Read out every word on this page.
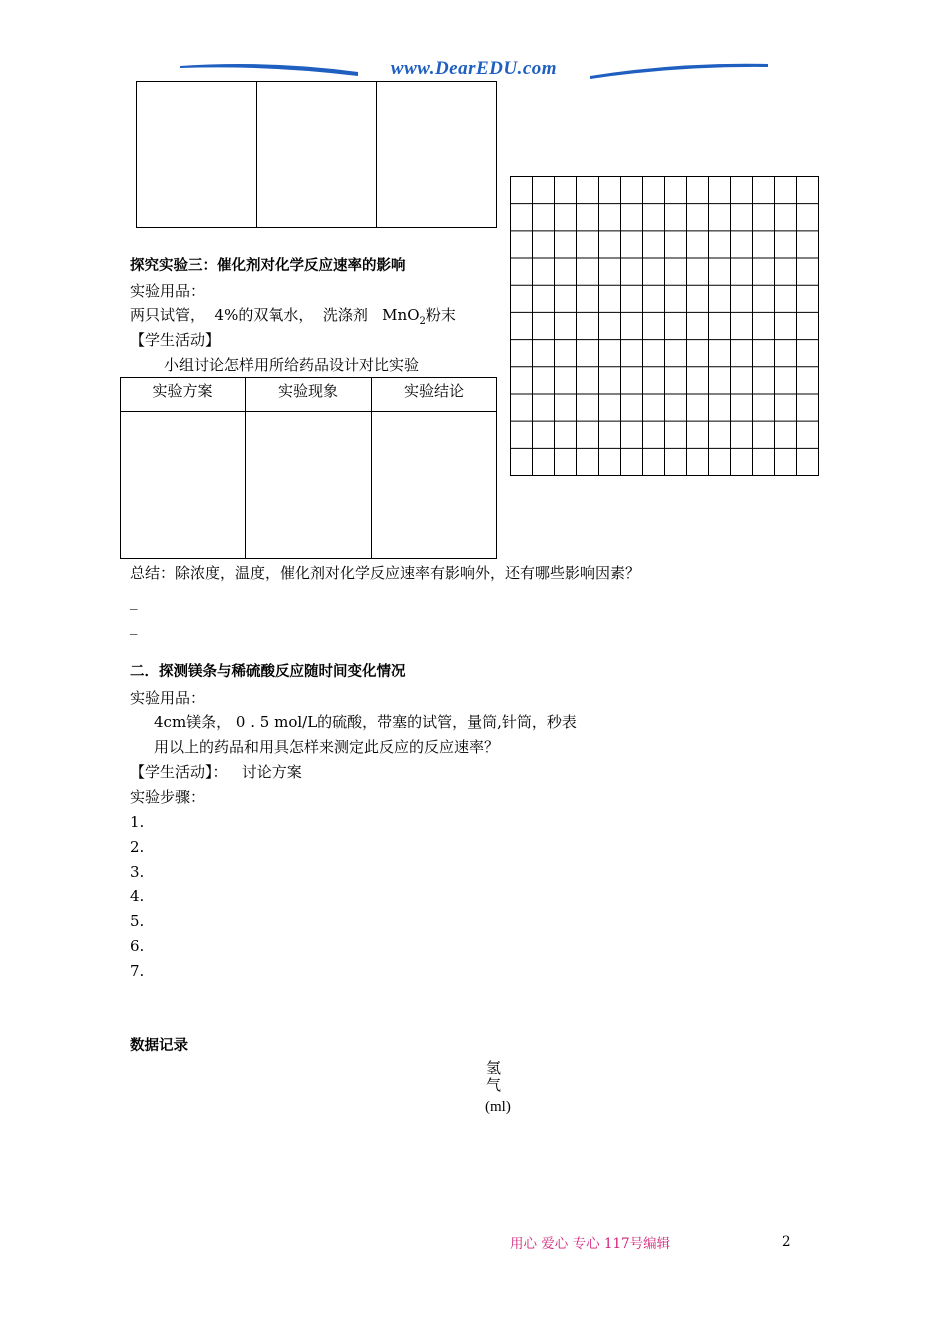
www.DearEDU.com
探究实验三：催化剂对化学反应速率的影响
实验用品：
两只试管，  4%的双氧水，  洗涤剂   MnO$_2$粉末
【学生活动】
小组讨论怎样用所给药品设计对比实验
实验方案	实验现象	实验结论
总结：除浓度，温度，催化剂对化学反应速率有影响外，还有哪些影响因素？
_
_
二．探测镁条与稀硫酸反应随时间变化情况
实验用品：
4cm镁条， 0 . 5 mol/L的硫酸，带塞的试管，量筒,针筒，秒表
用以上的药品和用具怎样来测定此反应的反应速率？
【学生活动】：   讨论方案
实验步骤：
1.
2.
3.
4.
5.
6.
7.
数据记录
氢
气
(ml)
用心 爱心 专心 117号编辑	2
